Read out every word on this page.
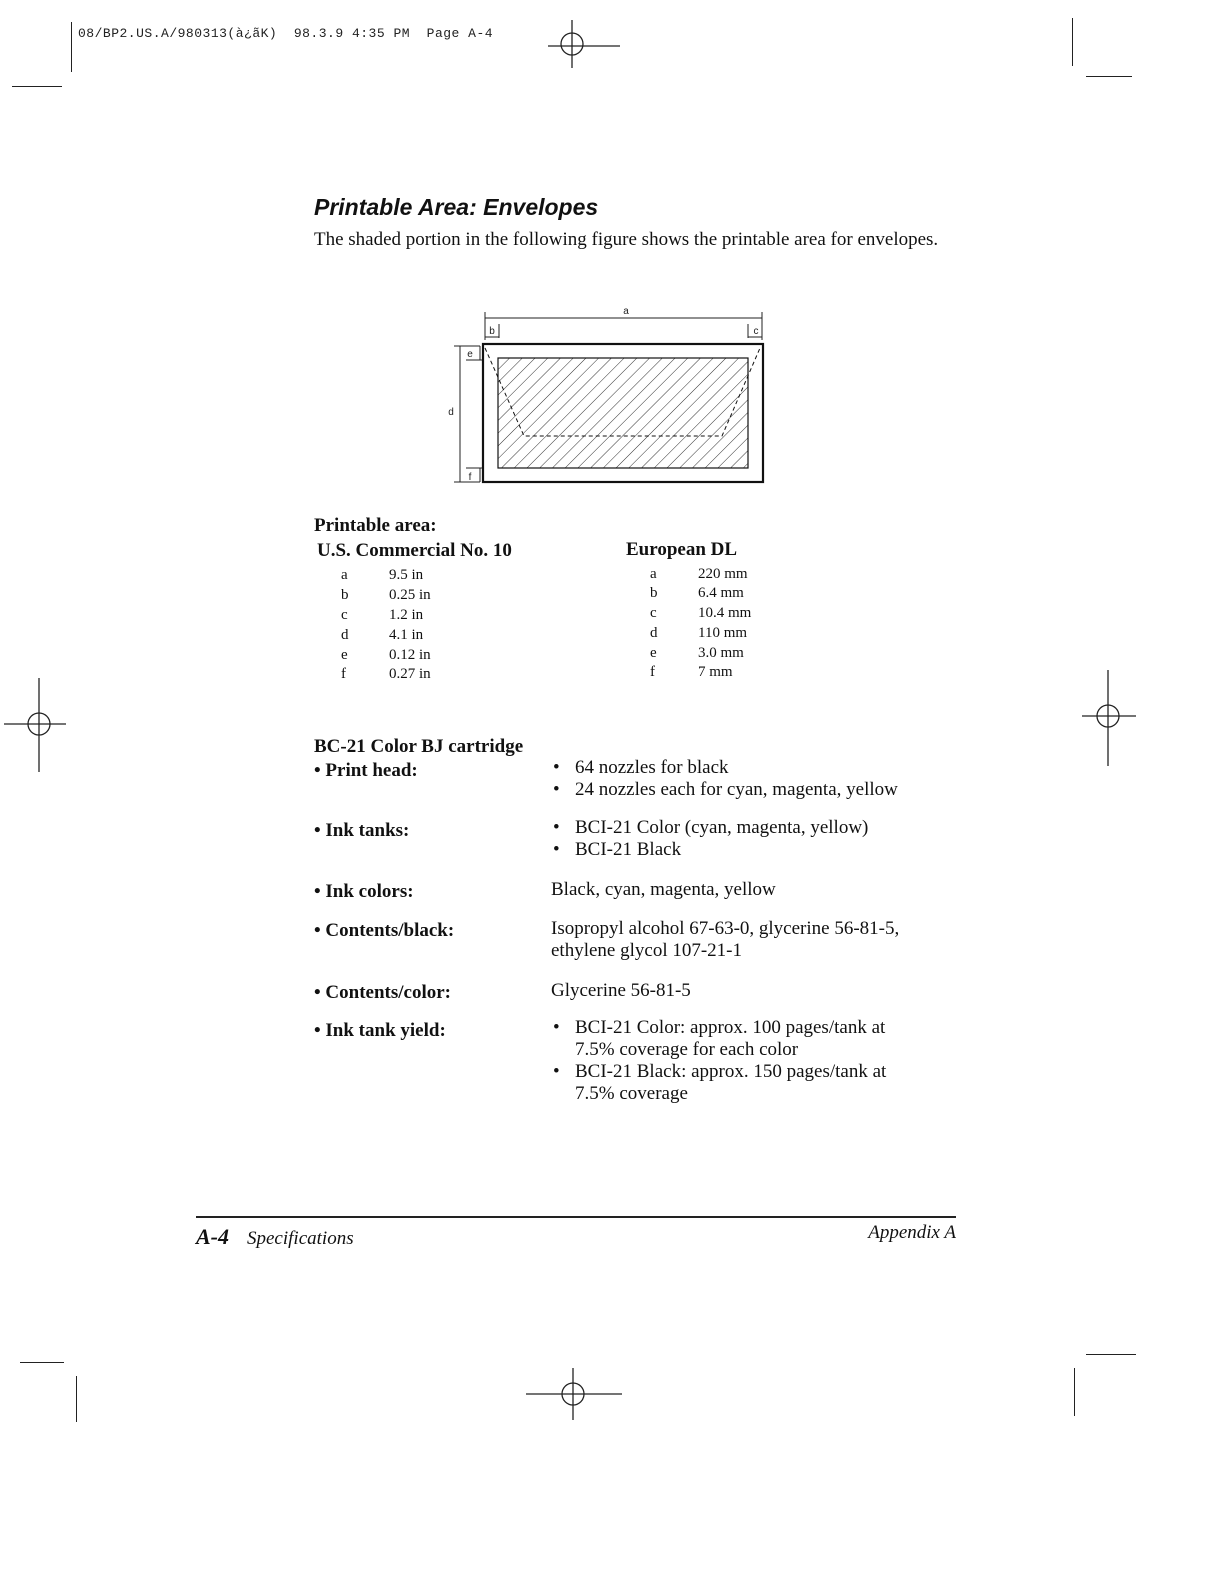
08/BP2.US.A/980313(à¿ãK)  98.3.9 4:35 PM  Page A-4
Printable Area: Envelopes
The shaded portion in the following figure shows the printable area for envelopes.
a
b	c
d
e
f
Printable area:
U.S. Commercial No. 10	European DL
a	9.5 in
b	0.25 in
c	1.2 in
d	4.1 in
e	0.12 in
f	0.27 in
a	220 mm
b	6.4 mm
c	10.4 mm
d	110 mm
e	3.0 mm
f	7 mm
BC-21 Color BJ cartridge
• Print head:	• 64 nozzles for black
• 24 nozzles each for cyan, magenta, yellow
• Ink tanks:	• BCI-21 Color (cyan, magenta, yellow)
• BCI-21 Black
• Ink colors:	Black, cyan, magenta, yellow
• Contents/black:	Isopropyl alcohol 67-63-0, glycerine 56-81-5, ethylene glycol 107-21-1
• Contents/color:	Glycerine 56-81-5
• Ink tank yield:	• BCI-21 Color: approx. 100 pages/tank at 7.5% coverage for each color
• BCI-21 Black: approx. 150 pages/tank at 7.5% coverage
A-4 Specifications	Appendix A
